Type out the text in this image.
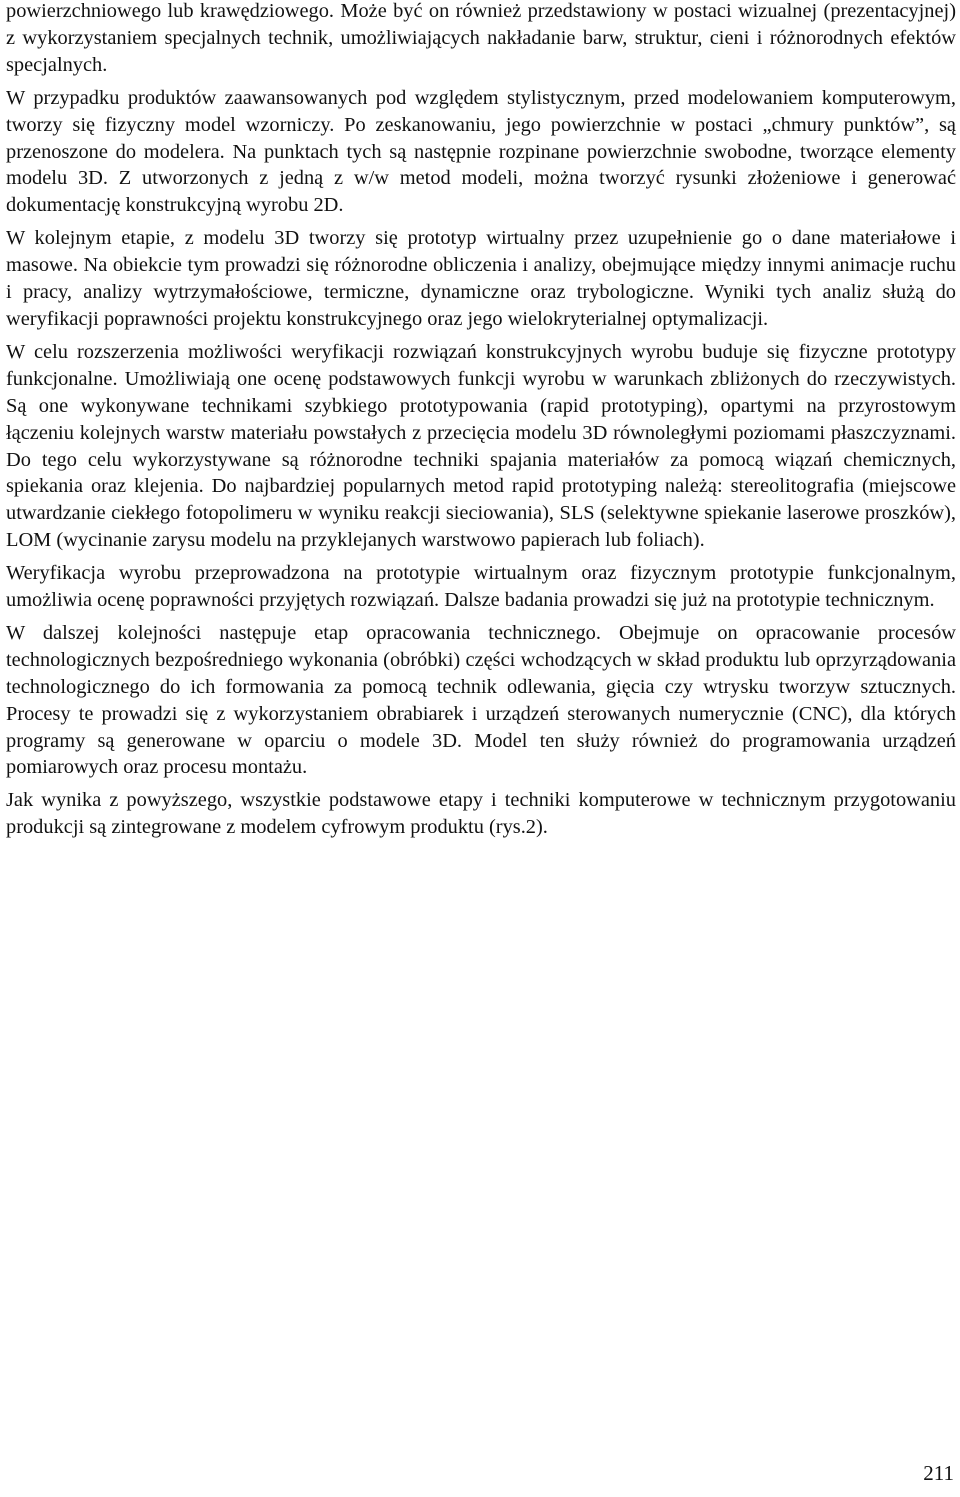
powierzchniowego lub krawędziowego. Może być on również przedstawiony w postaci wizualnej (prezentacyjnej) z wykorzystaniem specjalnych technik, umożliwiających nakładanie barw, struktur, cieni i różnorodnych efektów specjalnych.

W przypadku produktów zaawansowanych pod względem stylistycznym, przed modelowaniem komputerowym, tworzy się fizyczny model wzorniczy. Po zeskanowaniu, jego powierzchnie w postaci „chmury punktów”, są przenoszone do modelera. Na punktach tych są następnie rozpinane powierzchnie swobodne, tworzące elementy modelu 3D. Z utworzonych z jedną z w/w metod modeli, można tworzyć rysunki złożeniowe i generować dokumentację konstrukcyjną wyrobu 2D.

W kolejnym etapie, z modelu 3D tworzy się prototyp wirtualny przez uzupełnienie go o dane materiałowe i masowe. Na obiekcie tym prowadzi się różnorodne obliczenia i analizy, obejmujące między innymi animacje ruchu i pracy, analizy wytrzymałościowe, termiczne, dynamiczne oraz trybologiczne. Wyniki tych analiz służą do weryfikacji poprawności projektu konstrukcyjnego oraz jego wielokryterialnej optymalizacji.

W celu rozszerzenia możliwości weryfikacji rozwiązań konstrukcyjnych wyrobu buduje się fizyczne prototypy funkcjonalne. Umożliwiają one ocenę podstawowych funkcji wyrobu w warunkach zbliżonych do rzeczywistych. Są one wykonywane technikami szybkiego prototypowania (rapid prototyping), opartymi na przyrostowym łączeniu kolejnych warstw materiału powstałych z przecięcia modelu 3D równoległymi poziomami płaszczyznami. Do tego celu wykorzystywane są różnorodne techniki spajania materiałów za pomocą wiązań chemicznych, spiekania oraz klejenia. Do najbardziej popularnych metod rapid prototyping należą: stereolitografia (miejscowe utwardzanie ciekłego fotopolimeru w wyniku reakcji sieciowania), SLS (selektywne spiekanie laserowe proszków), LOM (wycinanie zarysu modelu na przyklejanych warstwowo papierach lub foliach).

Weryfikacja wyrobu przeprowadzona na prototypie wirtualnym oraz fizycznym prototypie funkcjonalnym, umożliwia ocenę poprawności przyjętych rozwiązań. Dalsze badania prowadzi się już na prototypie technicznym.

W dalszej kolejności następuje etap opracowania technicznego. Obejmuje on opracowanie procesów technologicznych bezpośredniego wykonania (obróbki) części wchodzących w skład produktu lub oprzyrządowania technologicznego do ich formowania za pomocą technik odlewania, gięcia czy wtrysku tworzyw sztucznych. Procesy te prowadzi się z wykorzystaniem obrabiarek i urządzeń sterowanych numerycznie (CNC), dla których programy są generowane w oparciu o modele 3D. Model ten służy również do programowania urządzeń pomiarowych oraz procesu montażu.

Jak wynika z powyższego, wszystkie podstawowe etapy i techniki komputerowe w technicznym przygotowaniu produkcji są zintegrowane z modelem cyfrowym produktu (rys.2).

211
